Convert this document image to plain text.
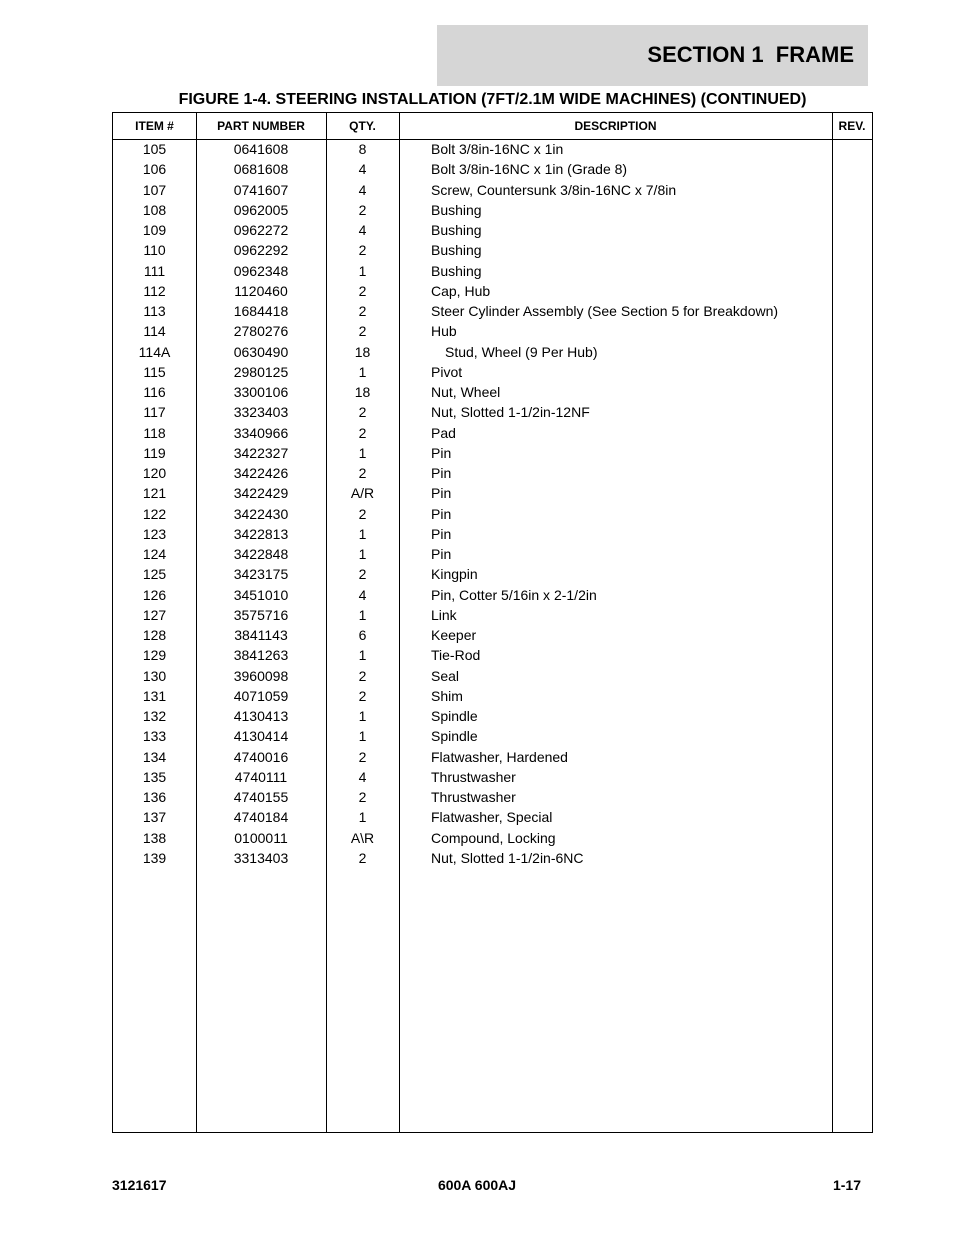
SECTION 1  FRAME
FIGURE 1-4. STEERING INSTALLATION (7FT/2.1M WIDE MACHINES) (CONTINUED)
ITEM #	PART NUMBER	QTY.	DESCRIPTION	REV.
105	0641608	8	Bolt 3/8in-16NC x 1in
106	0681608	4	Bolt 3/8in-16NC x 1in (Grade 8)
107	0741607	4	Screw, Countersunk 3/8in-16NC x 7/8in
108	0962005	2	Bushing
109	0962272	4	Bushing
110	0962292	2	Bushing
111	0962348	1	Bushing
112	1120460	2	Cap, Hub
113	1684418	2	Steer Cylinder Assembly (See Section 5 for Breakdown)
114	2780276	2	Hub
114A	0630490	18	Stud, Wheel (9 Per Hub)
115	2980125	1	Pivot
116	3300106	18	Nut, Wheel
117	3323403	2	Nut, Slotted 1-1/2in-12NF
118	3340966	2	Pad
119	3422327	1	Pin
120	3422426	2	Pin
121	3422429	A/R	Pin
122	3422430	2	Pin
123	3422813	1	Pin
124	3422848	1	Pin
125	3423175	2	Kingpin
126	3451010	4	Pin, Cotter 5/16in x 2-1/2in
127	3575716	1	Link
128	3841143	6	Keeper
129	3841263	1	Tie-Rod
130	3960098	2	Seal
131	4071059	2	Shim
132	4130413	1	Spindle
133	4130414	1	Spindle
134	4740016	2	Flatwasher, Hardened
135	4740111	4	Thrustwasher
136	4740155	2	Thrustwasher
137	4740184	1	Flatwasher, Special
138	0100011	A\R	Compound, Locking
139	3313403	2	Nut, Slotted 1-1/2in-6NC
3121617	600A 600AJ	1-17
